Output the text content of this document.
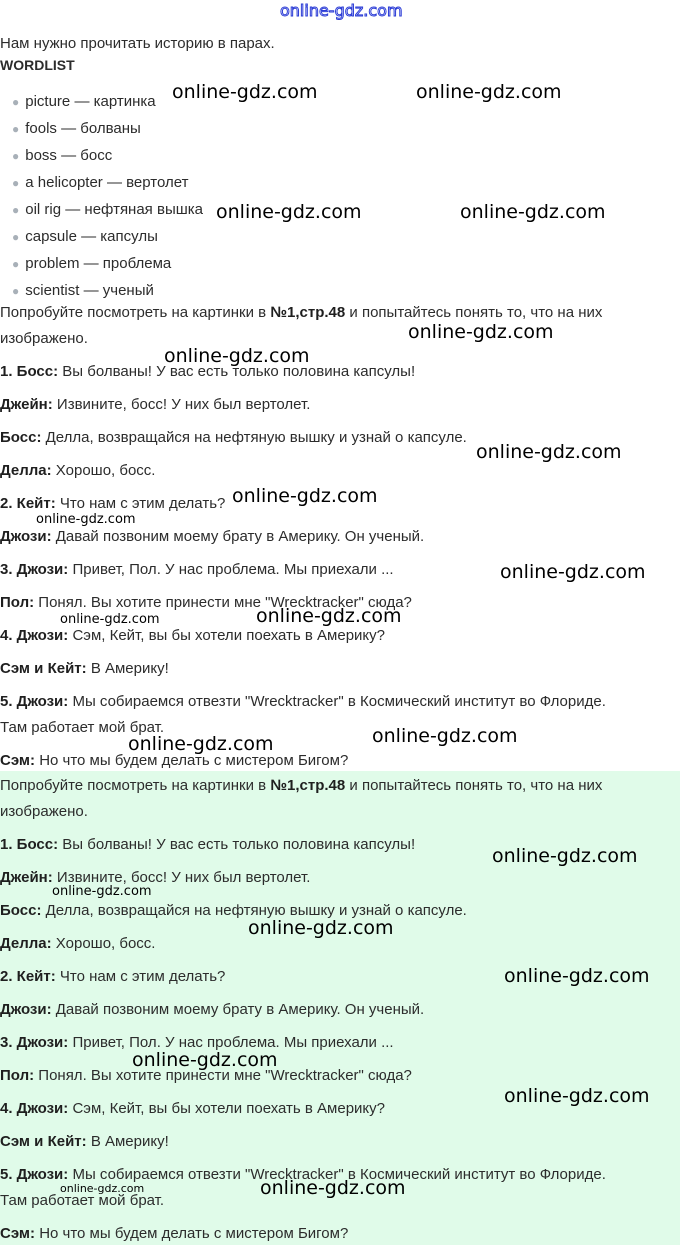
online-gdz.com
Нам нужно прочитать историю в парах.
WORDLIST
● picture — картинка
● fools — болваны
● boss — босс
● a helicopter — вертолет
● oil rig — нефтяная вышка
● capsule — капсулы
● problem — проблема
● scientist — ученый
Попробуйте посмотреть на картинки в №1,стр.48 и попытайтесь понять то, что на них
изображено.
1. Босс: Вы болваны! У вас есть только половина капсулы!
Джейн: Извините, босс! У них был вертолет.
Босс: Делла, возвращайся на нефтяную вышку и узнай о капсуле.
Делла: Хорошо, босс.
2. Кейт: Что нам с этим делать?
Джози: Давай позвоним моему брату в Америку. Он ученый.
3. Джози: Привет, Пол. У нас проблема. Мы приехали ...
Пол: Понял. Вы хотите принести мне "Wrecktracker" сюда?
4. Джози: Сэм, Кейт, вы бы хотели поехать в Америку?
Сэм и Кейт: В Америку!
5. Джози: Мы собираемся отвезти "Wrecktracker" в Космический институт во Флориде.
Там работает мой брат.
Сэм: Но что мы будем делать с мистером Бигом?
Попробуйте посмотреть на картинки в №1,стр.48 и попытайтесь понять то, что на них
изображено.
1. Босс: Вы болваны! У вас есть только половина капсулы!
Джейн: Извините, босс! У них был вертолет.
Босс: Делла, возвращайся на нефтяную вышку и узнай о капсуле.
Делла: Хорошо, босс.
2. Кейт: Что нам с этим делать?
Джози: Давай позвоним моему брату в Америку. Он ученый.
3. Джози: Привет, Пол. У нас проблема. Мы приехали ...
Пол: Понял. Вы хотите принести мне "Wrecktracker" сюда?
4. Джози: Сэм, Кейт, вы бы хотели поехать в Америку?
Сэм и Кейт: В Америку!
5. Джози: Мы собираемся отвезти "Wrecktracker" в Космический институт во Флориде.
Там работает мой брат.
Сэм: Но что мы будем делать с мистером Бигом?
online-gdz.com	online-gdz.com
online-gdz.com	online-gdz.com
online-gdz.com
online-gdz.com
online-gdz.com
online-gdz.com
online-gdz.com
online-gdz.com
online-gdz.com	online-gdz.com
online-gdz.com
online-gdz.com
online-gdz.com
online-gdz.com
online-gdz.com
online-gdz.com
online-gdz.com
online-gdz.com
online-gdz.com
online-gdz.com
